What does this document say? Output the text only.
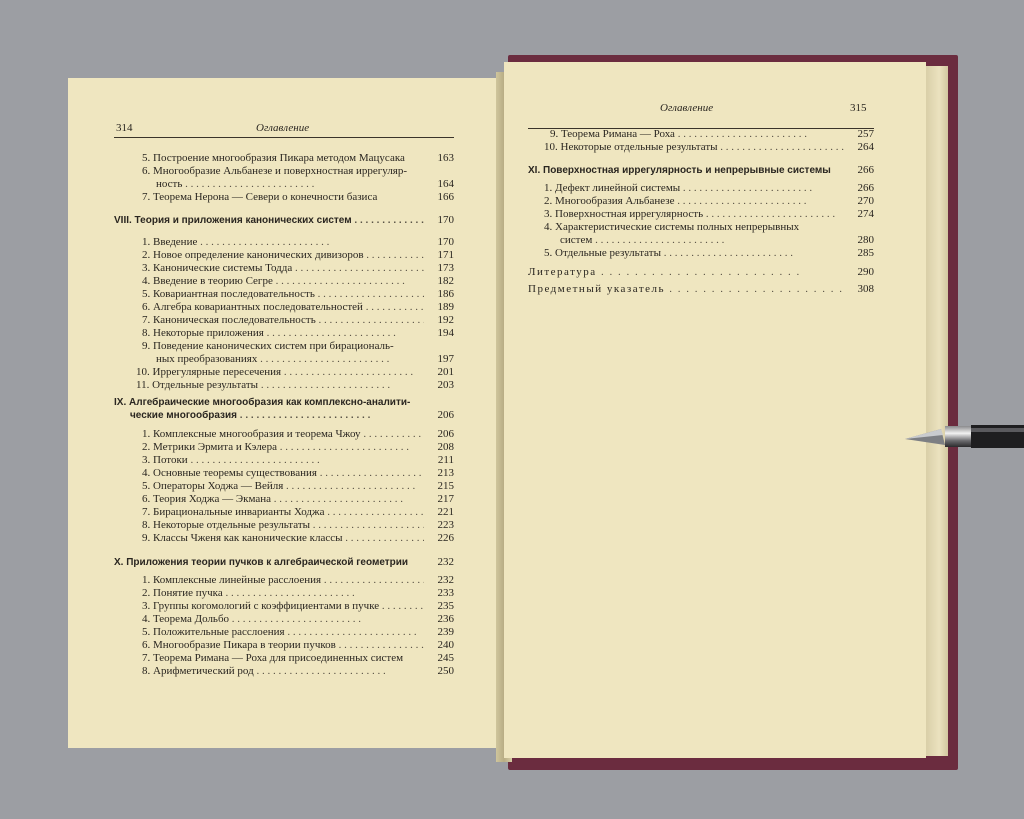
314	Оглавление
5. Построение многообразия Пикара методом Мацусака	163
6. Многообразие Альбанезе и поверхностная иррегуляр-
ность . . .	164
7. Теорема Нерона — Севери о конечности базиса	166
VIII. Теория и приложения канонических систем . . .	170
1. Введение . . .	170
2. Новое определение канонических дивизоров . . .	171
3. Канонические системы Тодда . . .	173
4. Введение в теорию Сегре . . .	182
5. Ковариантная последовательность . . .	186
6. Алгебра ковариантных последовательностей . . .	189
7. Каноническая последовательность . . .	192
8. Некоторые приложения . . .	194
9. Поведение канонических систем при бирациональ-
ных преобразованиях . . .	197
10. Иррегулярные пересечения . . .	201
11. Отдельные результаты . . .	203
IX. Алгебраические многообразия как комплексно-аналити-
ческие многообразия . . .	206
1. Комплексные многообразия и теорема Чжоу . . .	206
2. Метрики Эрмита и Кэлера . . .	208
3. Потоки . . .	211
4. Основные теоремы существования . . .	213
5. Операторы Ходжа — Вейля . . .	215
6. Теория Ходжа — Экмана . . .	217
7. Бирациональные инварианты Ходжа . . .	221
8. Некоторые отдельные результаты . . .	223
9. Классы Чженя как канонические классы . . .	226
X. Приложения теории пучков к алгебраической геометрии	232
1. Комплексные линейные расслоения . . .	232
2. Понятие пучка . . .	233
3. Группы когомологий с коэффициентами в пучке . . .	235
4. Теорема Дольбо . . .	236
5. Положительные расслоения . . .	239
6. Многообразие Пикара в теории пучков . . .	240
7. Теорема Римана — Роха для присоединенных систем	245
8. Арифметический род . . .	250
Оглавление	315
9. Теорема Римана — Роха . . .	257
10. Некоторые отдельные результаты . . .	264
XI. Поверхностная иррегулярность и непрерывные системы	266
1. Дефект линейной системы . . .	266
2. Многообразия Альбанезе . . .	270
3. Поверхностная иррегулярность . . .	274
4. Характеристические системы полных непрерывных
систем . . .	280
5. Отдельные результаты . . .	285
Литература . . .	290
Предметный указатель . . .	308
